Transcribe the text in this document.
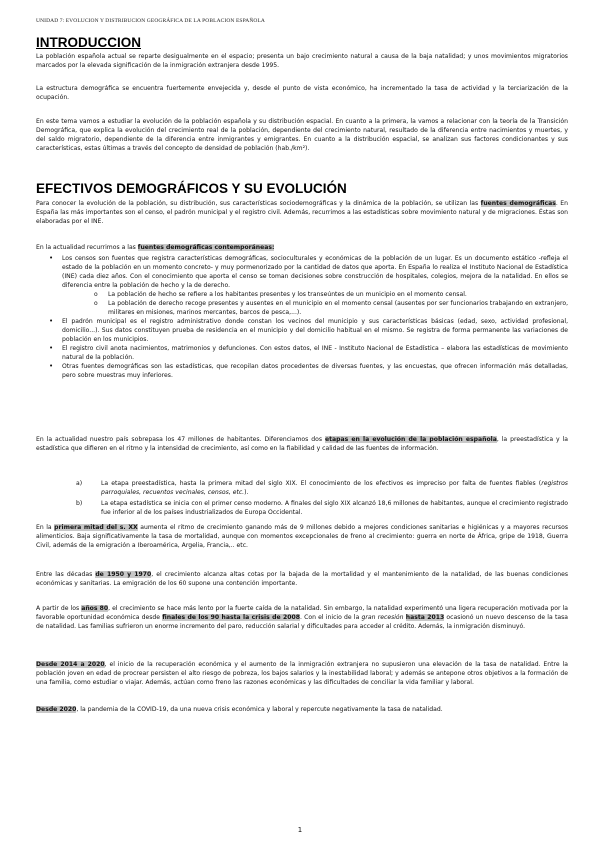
UNIDAD 7: EVOLUCION Y DISTRIBUCION GEOGRÁFICA DE LA POBLACION ESPAÑOLA
INTRODUCCION

La población española actual se reparte desigualmente en el espacio; presenta un bajo crecimiento natural a causa de la baja natalidad; y unos movimientos migratorios marcados por la elevada significación de la inmigración extranjera desde 1995.

La estructura demográfica se encuentra fuertemente envejecida y, desde el punto de vista económico, ha incrementado la tasa de actividad y la terciarización de la ocupación.

En este tema vamos a estudiar la evolución de la población española y su distribución espacial. En cuanto a la primera, la vamos a relacionar con la teoría de la Transición Demográfica, que explica la evolución del crecimiento real de la población, dependiente del crecimiento natural, resultado de la diferencia entre nacimientos y muertes, y del saldo migratorio, dependiente de la diferencia entre inmigrantes y emigrantes. En cuanto a la distribución espacial, se analizan sus factores condicionantes y sus características, estas últimas a través del concepto de densidad de población (hab./km²).

EFECTIVOS DEMOGRÁFICOS Y SU EVOLUCIÓN

Para conocer la evolución de la población, su distribución, sus características sociodemográficas y la dinámica de la población, se utilizan las fuentes demográficas. En España las más importantes son el censo, el padrón municipal y el registro civil. Además, recurrimos a las estadísticas sobre movimiento natural y de migraciones. Éstas son elaboradas por el INE.

En la actualidad recurrimos a las fuentes demográficas contemporáneas:

• Los censos son fuentes que registra características demográficas, socioculturales y económicas de la población de un lugar. Es un documento estático -refleja el estado de la población en un momento concreto- y muy pormenorizado por la cantidad de datos que aporta. En España lo realiza el Instituto Nacional de Estadística (INE) cada diez años. Con el conocimiento que aporta el censo se toman decisiones sobre construcción de hospitales, colegios, mejora de la natalidad. En ellos se diferencia entre la población de hecho y la de derecho.
o La población de hecho se refiere a los habitantes presentes y los transeúntes de un municipio en el momento censal.
o La población de derecho recoge presentes y ausentes en el municipio en el momento censal (ausentes por ser funcionarios trabajando en extranjero, militares en misiones, marinos mercantes, barcos de pesca,...).
• El padrón municipal es el registro administrativo donde constan los vecinos del municipio y sus características básicas (edad, sexo, actividad profesional, domicilio...). Sus datos constituyen prueba de residencia en el municipio y del domicilio habitual en el mismo. Se registra de forma permanente las variaciones de población en los municipios.
• El registro civil anota nacimientos, matrimonios y defunciones. Con estos datos, el INE - Instituto Nacional de Estadística – elabora las estadísticas de movimiento natural de la población.
• Otras fuentes demográficas son las estadísticas, que recopilan datos procedentes de diversas fuentes, y las encuestas, que ofrecen información más detalladas, pero sobre muestras muy inferiores.

En la actualidad nuestro país sobrepasa los 47 millones de habitantes. Diferenciamos dos etapas en la evolución de la población española, la preestadística y la estadística que difieren en el ritmo y la intensidad de crecimiento, así como en la fiabilidad y calidad de las fuentes de información.

a)	La etapa preestadística, hasta la primera mitad del siglo XIX. El conocimiento de los efectivos es impreciso por falta de fuentes fiables (registros parroquiales, recuentos vecinales, censos, etc.).
b)	La etapa estadística se inicia con el primer censo moderno. A finales del siglo XIX alcanzó 18,6 millones de habitantes, aunque el crecimiento registrado fue inferior al de los países industrializados de Europa Occidental.

En la primera mitad del s. XX aumenta el ritmo de crecimiento ganando más de 9 millones debido a mejores condiciones sanitarias e higiénicas y a mayores recursos alimenticios. Baja significativamente la tasa de mortalidad, aunque con momentos excepcionales de freno al crecimiento: guerra en norte de África, gripe de 1918, Guerra Civil, además de la emigración a Iberoamérica, Argelia, Francia,.. etc.

Entre las décadas de 1950 y 1970, el crecimiento alcanza altas cotas por la bajada de la mortalidad y el mantenimiento de la natalidad, de las buenas condiciones económicas y sanitarias. La emigración de los 60 supone una contención importante.

A partir de los años 80, el crecimiento se hace más lento por la fuerte caída de la natalidad. Sin embargo, la natalidad experimentó una ligera recuperación motivada por la favorable oportunidad económica desde finales de los 90 hasta la crisis de 2008. Con el inicio de la gran recesión hasta 2013 ocasionó un nuevo descenso de la tasa de natalidad. Las familias sufrieron un enorme incremento del paro, reducción salarial y dificultades para acceder al crédito. Además, la inmigración disminuyó.

Desde 2014 a 2020, el inicio de la recuperación económica y el aumento de la inmigración extranjera no supusieron una elevación de la tasa de natalidad. Entre la población joven en edad de procrear persisten el alto riesgo de pobreza, los bajos salarios y la inestabilidad laboral; y además se antepone otros objetivos a la formación de una familia, como estudiar o viajar. Además, actúan como freno las razones económicas y las dificultades de conciliar la vida familiar y laboral.

Desde 2020, la pandemia de la COVID-19, da una nueva crisis económica y laboral y repercute negativamente la tasa de natalidad.

1
